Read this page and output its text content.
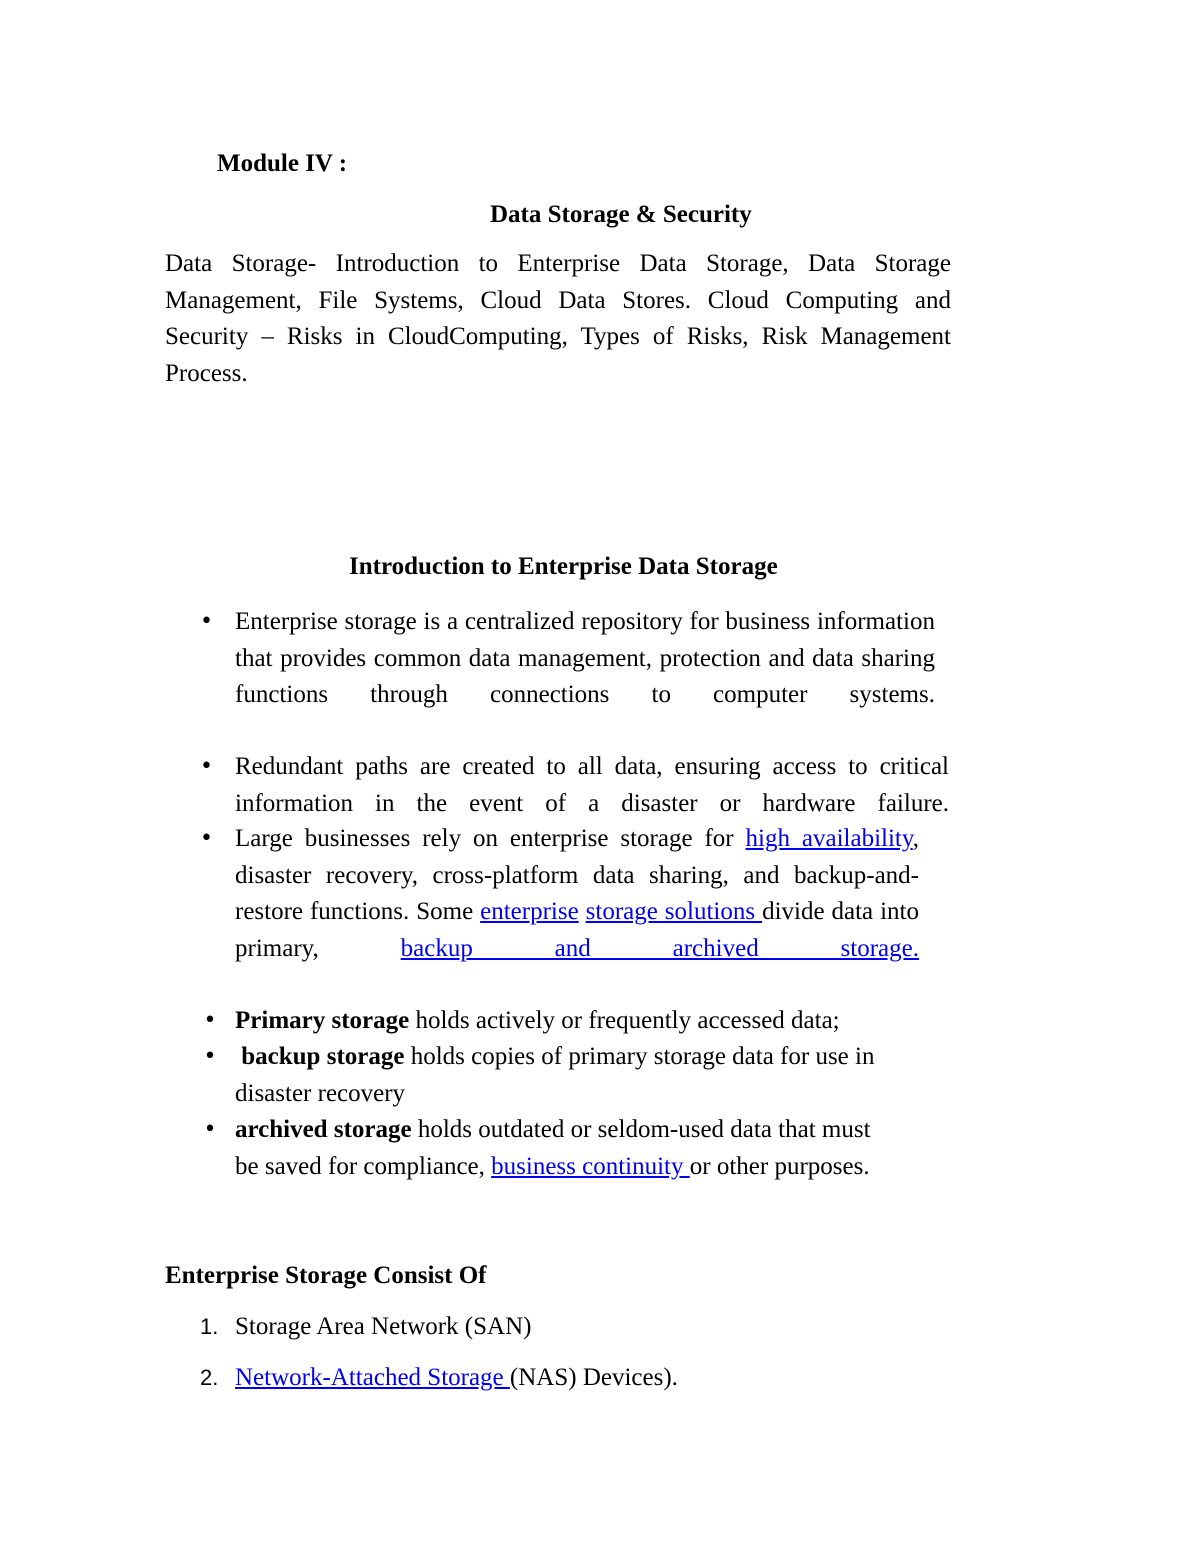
Module IV :
Data Storage & Security
Data Storage- Introduction to Enterprise Data Storage, Data Storage Management, File Systems, Cloud Data Stores. Cloud Computing and Security – Risks in CloudComputing, Types of Risks, Risk Management Process.
Introduction to Enterprise Data Storage
• Enterprise storage is a centralized repository for business information that provides common data management, protection and data sharing functions through connections to computer systems.
• Redundant paths are created to all data, ensuring access to critical information in the event of a disaster or hardware failure.
• Large businesses rely on enterprise storage for high availability, disaster recovery, cross-platform data sharing, and backup-and-restore functions. Some enterprise storage solutions divide data into primary, backup and archived storage.
• Primary storage holds actively or frequently accessed data;
• backup storage holds copies of primary storage data for use in disaster recovery
• archived storage holds outdated or seldom-used data that must be saved for compliance, business continuity or other purposes.
Enterprise Storage Consist Of
1. Storage Area Network (SAN)
2. Network-Attached Storage (NAS) Devices).
